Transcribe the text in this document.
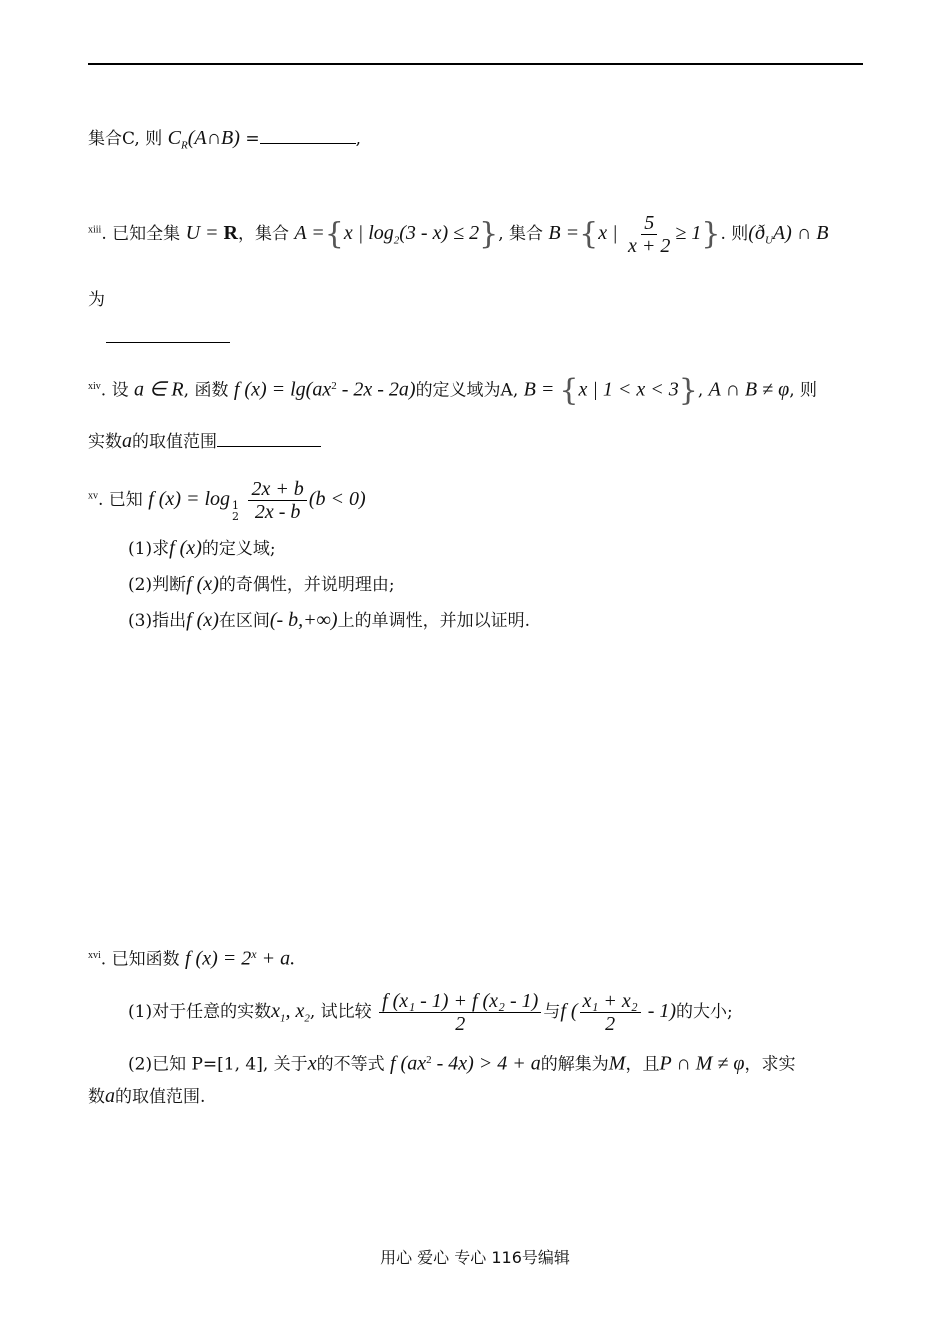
集合C, 则 $C_R(A\cap B)$ =	,
$^{xiii}$. 已知全集 U = R，集合 A ={x | $\log_2(3 - x) \le 2$}, 集合 B ={x | $\frac{5}{x + 2} \ge 1$}. 则$(ð_UA)$ ∩ B
为
$^{xiv}$. 设 a ∈ R, 函数 f $(x) = \lg(ax^2 - 2x - 2a)$的定义域为A, B = {x | 1 < x < 3}, A ∩ B ≠ φ, 则
实数a的取值范围
$^{xv}$. 已知 f (x) = log 1
2
$\frac{2x + b}{2x - b} (b < 0)$
(1)求f (x)的定义域;
(2)判断f (x)的奇偶性，并说明理由;
(3)指出f (x)在区间(- b,+∞)上的单调性，并加以证明.
$^{xvi}$. 已知函数 f $(x) = 2^x + a$.
(1)对于任意的实数$x_1$, $x_2$, 试比较 $\frac{\text{f (x₁ - 1) + f (x₂ - 1)}}{2}$ 与f ( $\frac{\text{x₁ + x₂}}{2} - 1$)的大小;
(2)已知 P=[1, 4], 关于x的不等式 f $(ax^2 - 4x) > 4 + a$的解集为M，且P ∩ M ≠ φ，求实
数a的取值范围.
用心 爱心 专心 116号编辑
